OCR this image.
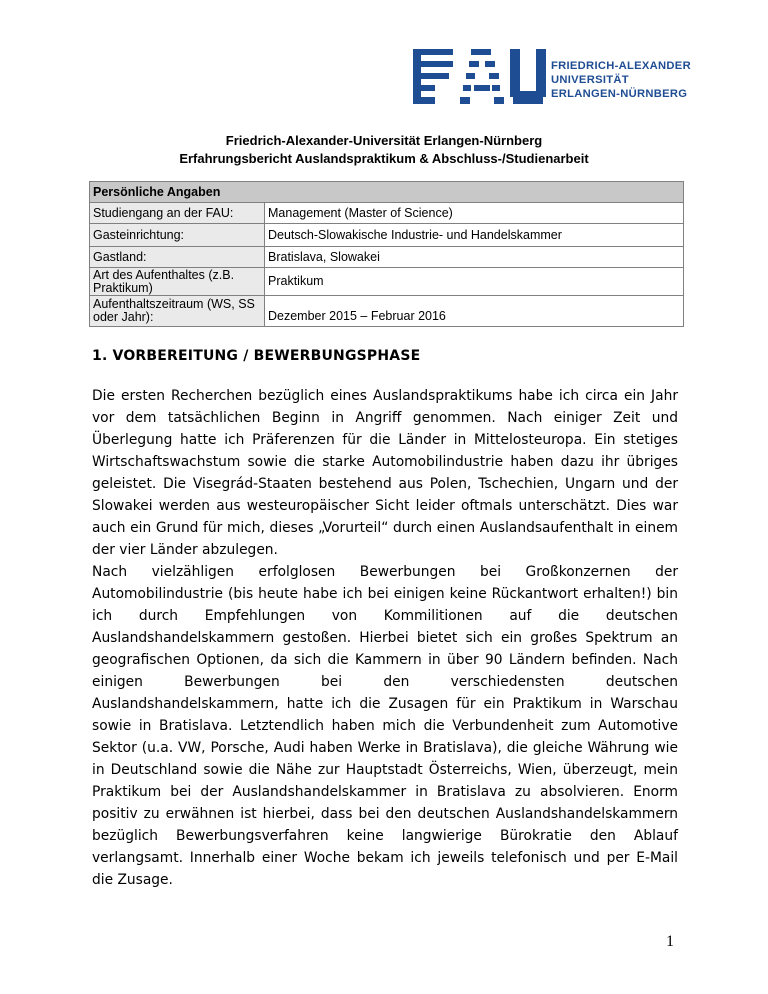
FRIEDRICH-ALEXANDER
UNIVERSITÄT
ERLANGEN-NÜRNBERG
Friedrich-Alexander-Universität Erlangen-Nürnberg
Erfahrungsbericht Auslandspraktikum & Abschluss-/Studienarbeit
Persönliche Angaben	
Studiengang an der FAU:	Management (Master of Science)
Gasteinrichtung:	Deutsch-Slowakische Industrie- und Handelskammer
Gastland:	Bratislava, Slowakei
Art des Aufenthaltes (z.B. Praktikum)	Praktikum
Aufenthaltszeitraum (WS, SS oder Jahr):	Dezember 2015 – Februar 2016
1. VORBEREITUNG / BEWERBUNGSPHASE

Die ersten Recherchen bezüglich eines Auslandspraktikums habe ich circa ein Jahr vor dem tatsächlichen Beginn in Angriff genommen. Nach einiger Zeit und Überlegung hatte ich Präferenzen für die Länder in Mittelosteuropa. Ein stetiges Wirtschaftswachstum sowie die starke Automobilindustrie haben dazu ihr übriges geleistet. Die Visegrád-Staaten bestehend aus Polen, Tschechien, Ungarn und der Slowakei werden aus westeuropäischer Sicht leider oftmals unterschätzt. Dies war auch ein Grund für mich, dieses „Vorurteil“ durch einen Auslandsaufenthalt in einem der vier Länder abzulegen.

Nach vielzähligen erfolglosen Bewerbungen bei Großkonzernen der Automobilindustrie (bis heute habe ich bei einigen keine Rückantwort erhalten!) bin ich durch Empfehlungen von Kommilitionen auf die deutschen Auslandshandelskammern gestoßen. Hierbei bietet sich ein großes Spektrum an geografischen Optionen, da sich die Kammern in über 90 Ländern befinden. Nach einigen Bewerbungen bei den verschiedensten deutschen Auslandshandelskammern, hatte ich die Zusagen für ein Praktikum in Warschau sowie in Bratislava. Letztendlich haben mich die Verbundenheit zum Automotive Sektor (u.a. VW, Porsche, Audi haben Werke in Bratislava), die gleiche Währung wie in Deutschland sowie die Nähe zur Hauptstadt Österreichs, Wien, überzeugt, mein Praktikum bei der Auslandshandelskammer in Bratislava zu absolvieren. Enorm positiv zu erwähnen ist hierbei, dass bei den deutschen Auslandshandelskammern bezüglich Bewerbungsverfahren keine langwierige Bürokratie den Ablauf verlangsamt. Innerhalb einer Woche bekam ich jeweils telefonisch und per E-Mail die Zusage.

1
